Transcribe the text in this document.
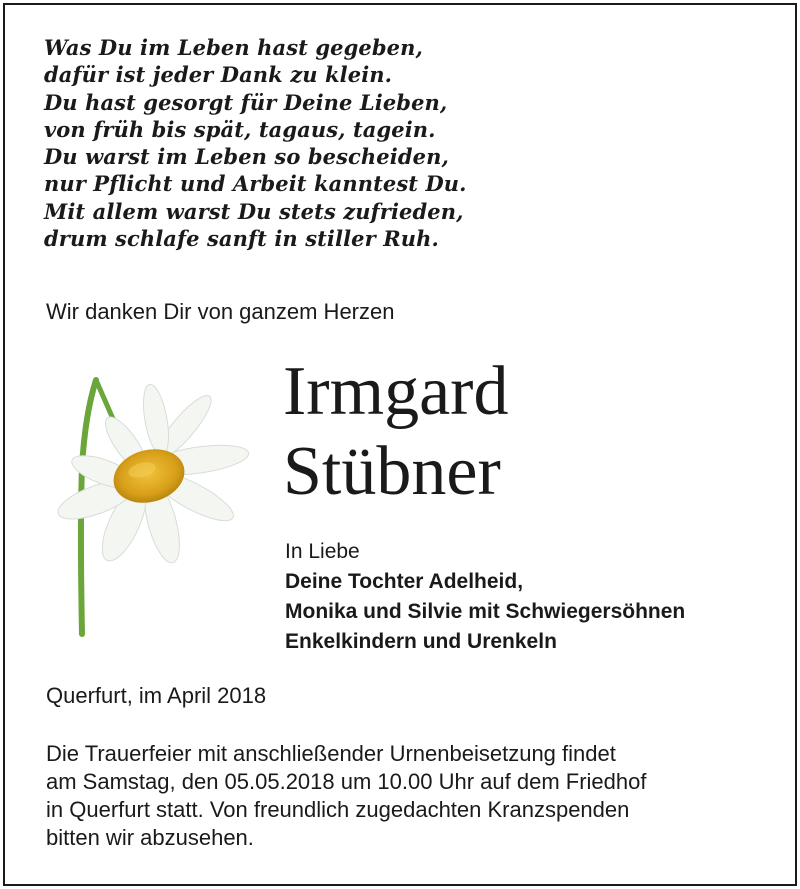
Was Du im Leben hast gegeben,
dafür ist jeder Dank zu klein.
Du hast gesorgt für Deine Lieben,
von früh bis spät, tagaus, tagein.
Du warst im Leben so bescheiden,
nur Pflicht und Arbeit kanntest Du.
Mit allem warst Du stets zufrieden,
drum schlafe sanft in stiller Ruh.
Wir danken Dir von ganzem Herzen
Irmgard
Stübner
In Liebe
Deine Tochter Adelheid,
Monika und Silvie mit Schwiegersöhnen
Enkelkindern und Urenkeln
Querfurt, im April 2018
Die Trauerfeier mit anschließender Urnenbeisetzung findet
am Samstag, den 05.05.2018 um 10.00 Uhr auf dem Friedhof
in Querfurt statt. Von freundlich zugedachten Kranzspenden
bitten wir abzusehen.
